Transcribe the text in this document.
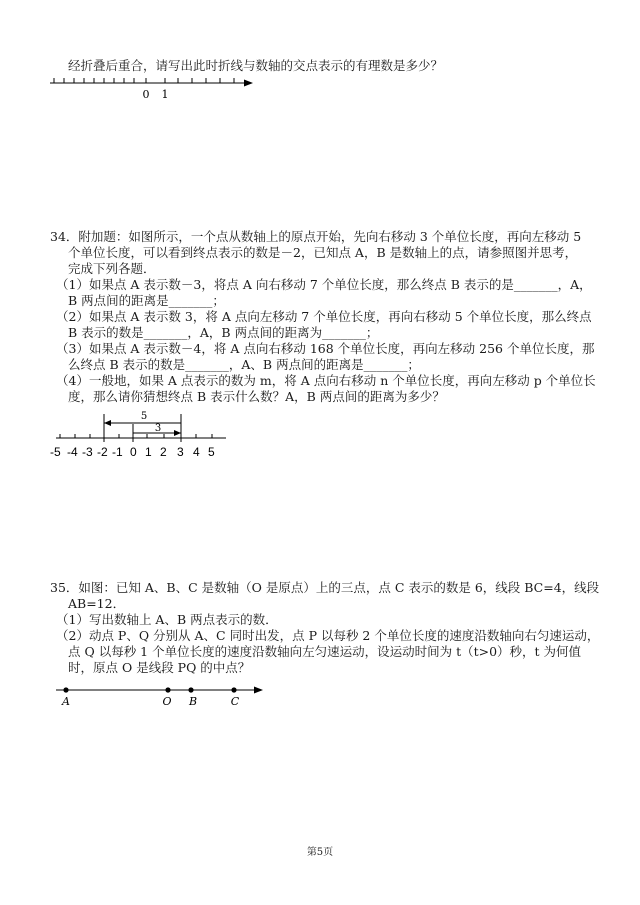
经折叠后重合，请写出此时折线与数轴的交点表示的有理数是多少？
0 1
34．附加题：如图所示，一个点从数轴上的原点开始，先向右移动 3 个单位长度，再向左移动 5
个单位长度，可以看到终点表示的数是－2，已知点 A，B 是数轴上的点，请参照图并思考，
完成下列各题．
（1）如果点 A 表示数－3，将点 A 向右移动 7 个单位长度，那么终点 B 表示的是_______，A，
B 两点间的距离是_______；
（2）如果点 A 表示数 3，将 A 点向左移动 7 个单位长度，再向右移动 5 个单位长度，那么终点
B 表示的数是_______，A，B 两点间的距离为_______；
（3）如果点 A 表示数－4，将 A 点向右移动 168 个单位长度，再向左移动 256 个单位长度，那
么终点 B 表示的数是_______，A、B 两点间的距离是_______；
（4）一般地，如果 A 点表示的数为 m，将 A 点向右移动 n 个单位长度，再向左移动 p 个单位长
度，那么请你猜想终点 B 表示什么数？A，B 两点间的距离为多少？
5
3
-5 -4 -3 -2 -1 0 1 2 3 4 5
35．如图：已知 A、B、C 是数轴（O 是原点）上的三点，点 C 表示的数是 6，线段 BC=4，线段
AB=12．
（1）写出数轴上 A、B 两点表示的数．
（2）动点 P、Q 分别从 A、C 同时出发，点 P 以每秒 2 个单位长度的速度沿数轴向右匀速运动，
点 Q 以每秒 1 个单位长度的速度沿数轴向左匀速运动，设运动时间为 t（t>0）秒，t 为何值
时，原点 O 是线段 PQ 的中点？
A	O B	C
第5页
